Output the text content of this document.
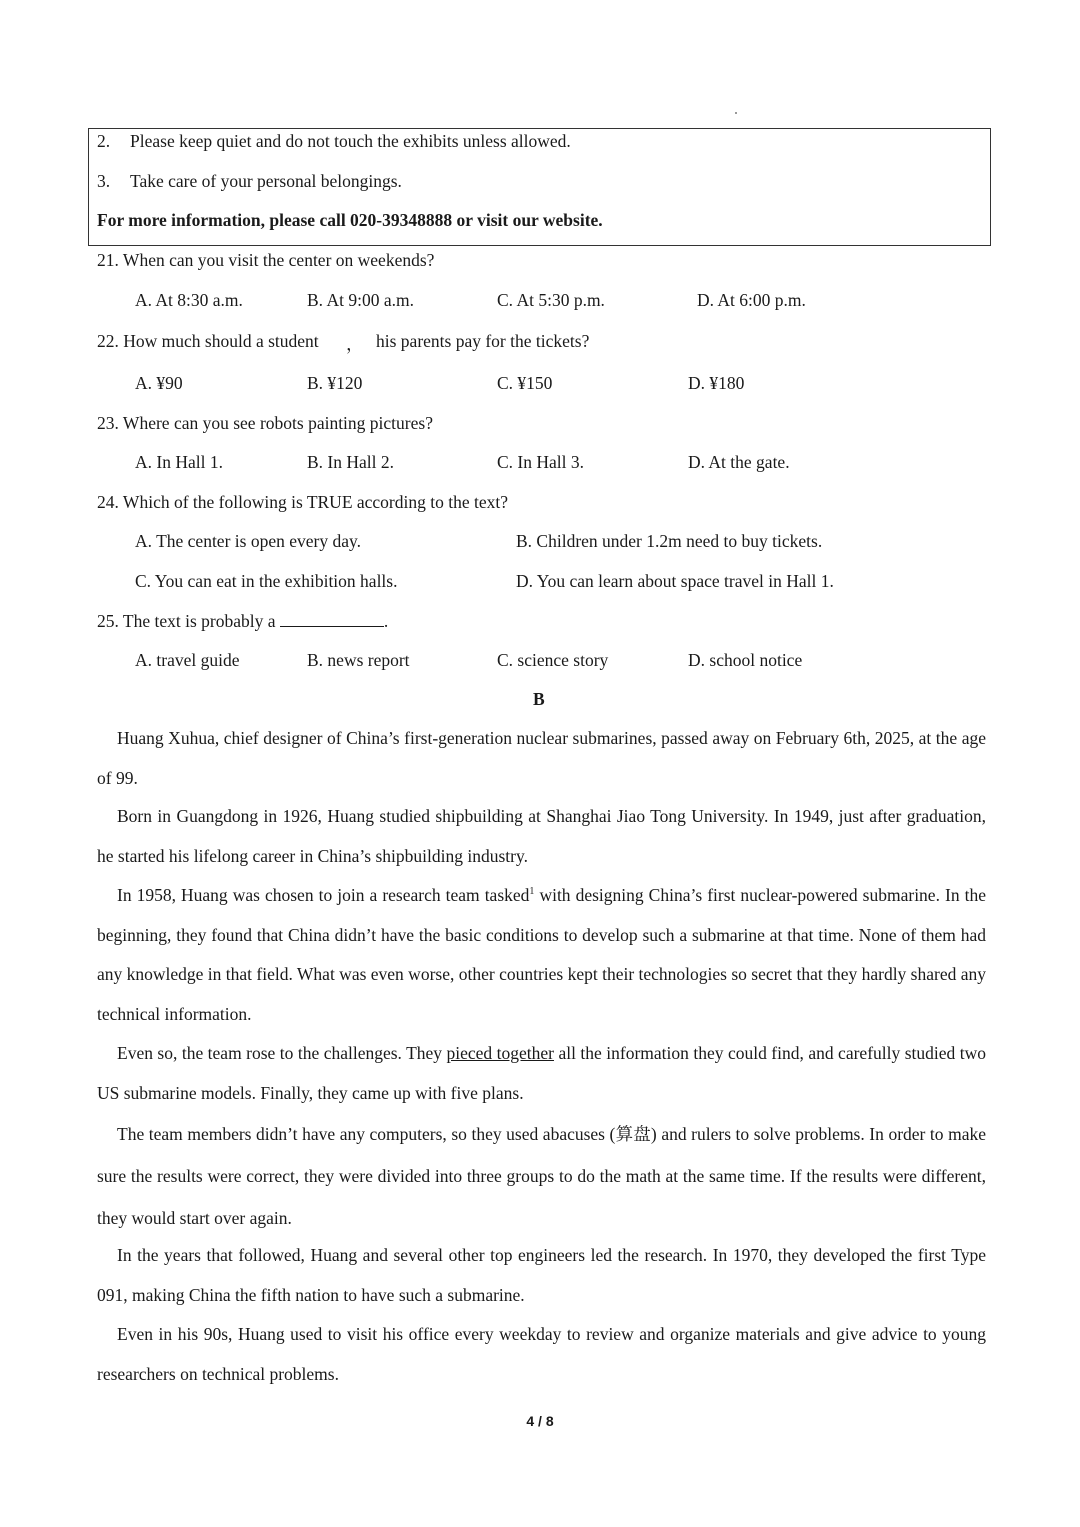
2. Please keep quiet and do not touch the exhibits unless allowed.
3. Take care of your personal belongings.
For more information, please call 020-39348888 or visit our website.
21. When can you visit the center on weekends?
A. At 8:30 a.m.	B. At 9:00 a.m.	C. At 5:30 p.m.	D. At 6:00 p.m.
22. How much should a student ， his parents pay for the tickets?
A. ¥90	B. ¥120	C. ¥150	D. ¥180
23. Where can you see robots painting pictures?
A. In Hall 1.	B. In Hall 2.	C. In Hall 3.	D. At the gate.
24. Which of the following is TRUE according to the text?
A. The center is open every day.	B. Children under 1.2m need to buy tickets.
C. You can eat in the exhibition halls.	D. You can learn about space travel in Hall 1.
25. The text is probably a	.
A. travel guide	B. news report	C. science story	D. school notice
B
Huang Xuhua, chief designer of China’s first-generation nuclear submarines, passed away on February 6th, 2025, at the age of 99.
Born in Guangdong in 1926, Huang studied shipbuilding at Shanghai Jiao Tong University. In 1949, just after graduation, he started his lifelong career in China’s shipbuilding industry.
In 1958, Huang was chosen to join a research team tasked$^1$ with designing China’s first nuclear-powered submarine. In the beginning, they found that China didn’t have the basic conditions to develop such a submarine at that time. None of them had any knowledge in that field. What was even worse, other countries kept their technologies so secret that they hardly shared any technical information.
Even so, the team rose to the challenges. They pieced together all the information they could find, and carefully studied two US submarine models. Finally, they came up with five plans.
The team members didn’t have any computers, so they used abacuses (算盘) and rulers to solve problems. In order to make sure the results were correct, they were divided into three groups to do the math at the same time. If the results were different, they would start over again.
In the years that followed, Huang and several other top engineers led the research. In 1970, they developed the first Type 091, making China the fifth nation to have such a submarine.
Even in his 90s, Huang used to visit his office every weekday to review and organize materials and give advice to young researchers on technical problems.
4 / 8
